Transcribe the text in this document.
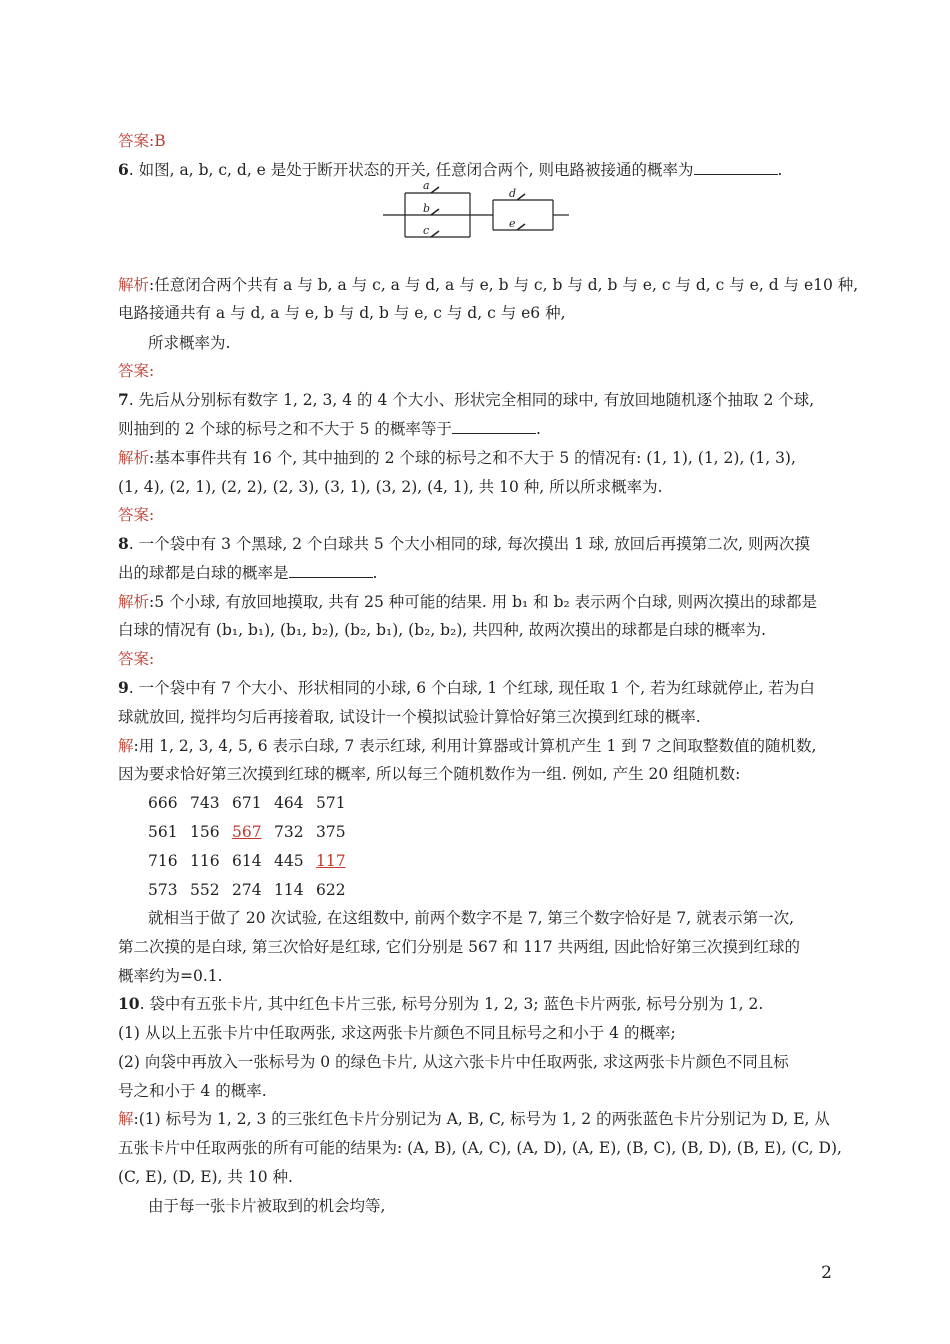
答案:B
6. 如图, a, b, c, d, e 是处于断开状态的开关, 任意闭合两个, 则电路被接通的概率为	.
a
b
c
d
e
解析:任意闭合两个共有 a 与 b, a 与 c, a 与 d, a 与 e, b 与 c, b 与 d, b 与 e, c 与 d, c 与 e, d 与 e10 种,
电路接通共有 a 与 d, a 与 e, b 与 d, b 与 e, c 与 d, c 与 e6 种,
所求概率为.
答案:
7. 先后从分别标有数字 1, 2, 3, 4 的 4 个大小、形状完全相同的球中, 有放回地随机逐个抽取 2 个球,
则抽到的 2 个球的标号之和不大于 5 的概率等于	.
解析:基本事件共有 16 个, 其中抽到的 2 个球的标号之和不大于 5 的情况有: (1, 1), (1, 2), (1, 3),
(1, 4), (2, 1), (2, 2), (2, 3), (3, 1), (3, 2), (4, 1), 共 10 种, 所以所求概率为.
答案:
8. 一个袋中有 3 个黑球, 2 个白球共 5 个大小相同的球, 每次摸出 1 球, 放回后再摸第二次, 则两次摸
出的球都是白球的概率是	.
解析:5 个小球, 有放回地摸取, 共有 25 种可能的结果. 用 b₁ 和 b₂ 表示两个白球, 则两次摸出的球都是
白球的情况有 (b₁, b₁), (b₁, b₂), (b₂, b₁), (b₂, b₂), 共四种, 故两次摸出的球都是白球的概率为.
答案:
9. 一个袋中有 7 个大小、形状相同的小球, 6 个白球, 1 个红球, 现任取 1 个, 若为红球就停止, 若为白
球就放回, 搅拌均匀后再接着取, 试设计一个模拟试验计算恰好第三次摸到红球的概率.
解:用 1, 2, 3, 4, 5, 6 表示白球, 7 表示红球, 利用计算器或计算机产生 1 到 7 之间取整数值的随机数,
因为要求恰好第三次摸到红球的概率, 所以每三个随机数作为一组. 例如, 产生 20 组随机数:
666 743 671 464 571
561 156 567 732 375
716 116 614 445 117
573 552 274 114 622
就相当于做了 20 次试验, 在这组数中, 前两个数字不是 7, 第三个数字恰好是 7, 就表示第一次,
第二次摸的是白球, 第三次恰好是红球, 它们分别是 567 和 117 共两组, 因此恰好第三次摸到红球的
概率约为=0.1.
10. 袋中有五张卡片, 其中红色卡片三张, 标号分别为 1, 2, 3; 蓝色卡片两张, 标号分别为 1, 2.
(1) 从以上五张卡片中任取两张, 求这两张卡片颜色不同且标号之和小于 4 的概率;
(2) 向袋中再放入一张标号为 0 的绿色卡片, 从这六张卡片中任取两张, 求这两张卡片颜色不同且标
号之和小于 4 的概率.
解:(1) 标号为 1, 2, 3 的三张红色卡片分别记为 A, B, C, 标号为 1, 2 的两张蓝色卡片分别记为 D, E, 从
五张卡片中任取两张的所有可能的结果为: (A, B), (A, C), (A, D), (A, E), (B, C), (B, D), (B, E), (C, D),
(C, E), (D, E), 共 10 种.
由于每一张卡片被取到的机会均等,
2
